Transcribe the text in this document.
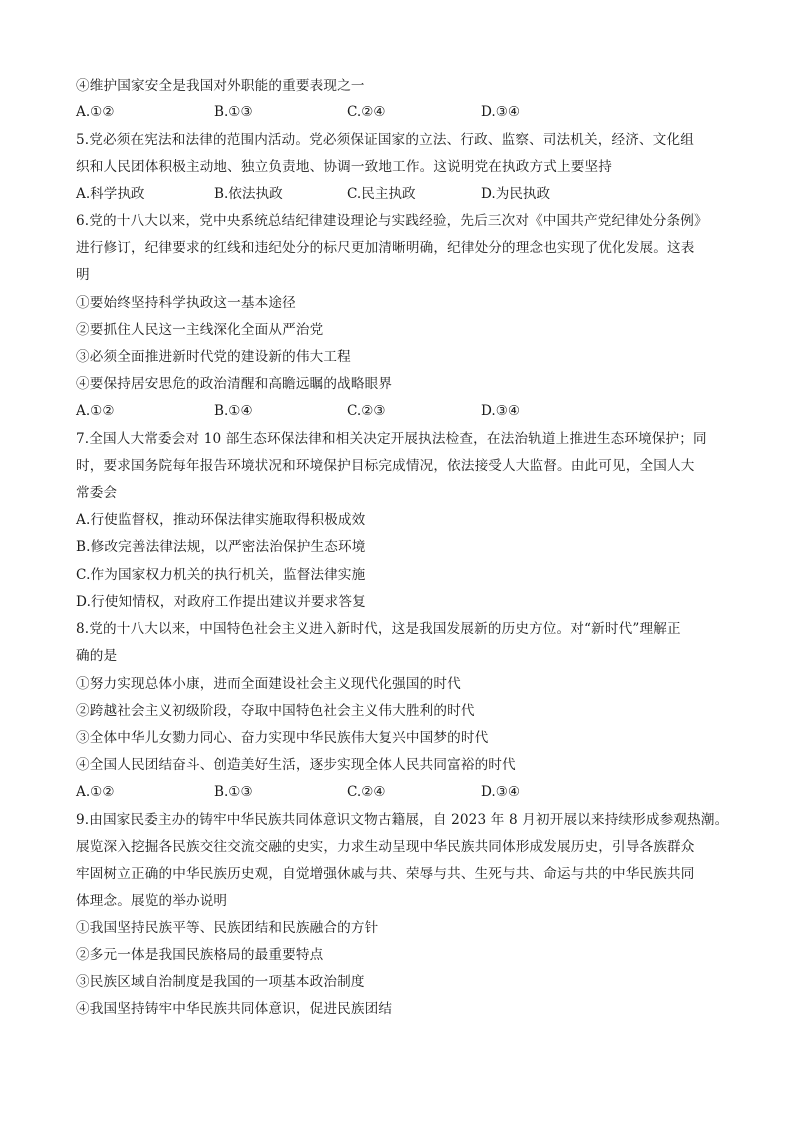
④维护国家安全是我国对外职能的重要表现之一
A.①②	B.①③	C.②④	D.③④
5.党必须在宪法和法律的范围内活动。党必须保证国家的立法、行政、监察、司法机关，经济、文化组
织和人民团体积极主动地、独立负责地、协调一致地工作。这说明党在执政方式上要坚持
A.科学执政	B.依法执政	C.民主执政	D.为民执政
6.党的十八大以来，党中央系统总结纪律建设理论与实践经验，先后三次对《中国共产党纪律处分条例》
进行修订，纪律要求的红线和违纪处分的标尺更加清晰明确，纪律处分的理念也实现了优化发展。这表
明
①要始终坚持科学执政这一基本途径
②要抓住人民这一主线深化全面从严治党
③必须全面推进新时代党的建设新的伟大工程
④要保持居安思危的政治清醒和高瞻远瞩的战略眼界
A.①②	B.①④	C.②③	D.③④
7.全国人大常委会对 10 部生态环保法律和相关决定开展执法检查，在法治轨道上推进生态环境保护；同
时，要求国务院每年报告环境状况和环境保护目标完成情况，依法接受人大监督。由此可见，全国人大
常委会
A.行使监督权，推动环保法律实施取得积极成效
B.修改完善法律法规，以严密法治保护生态环境
C.作为国家权力机关的执行机关，监督法律实施
D.行使知情权，对政府工作提出建议并要求答复
8.党的十八大以来，中国特色社会主义进入新时代，这是我国发展新的历史方位。对“新时代”理解正
确的是
①努力实现总体小康，进而全面建设社会主义现代化强国的时代
②跨越社会主义初级阶段，夺取中国特色社会主义伟大胜利的时代
③全体中华儿女勠力同心、奋力实现中华民族伟大复兴中国梦的时代
④全国人民团结奋斗、创造美好生活，逐步实现全体人民共同富裕的时代
A.①②	B.①③	C.②④	D.③④
9.由国家民委主办的铸牢中华民族共同体意识文物古籍展，自 2023 年 8 月初开展以来持续形成参观热潮。
展览深入挖掘各民族交往交流交融的史实，力求生动呈现中华民族共同体形成发展历史，引导各族群众
牢固树立正确的中华民族历史观，自觉增强休戚与共、荣辱与共、生死与共、命运与共的中华民族共同
体理念。展览的举办说明
①我国坚持民族平等、民族团结和民族融合的方针
②多元一体是我国民族格局的最重要特点
③民族区域自治制度是我国的一项基本政治制度
④我国坚持铸牢中华民族共同体意识，促进民族团结
